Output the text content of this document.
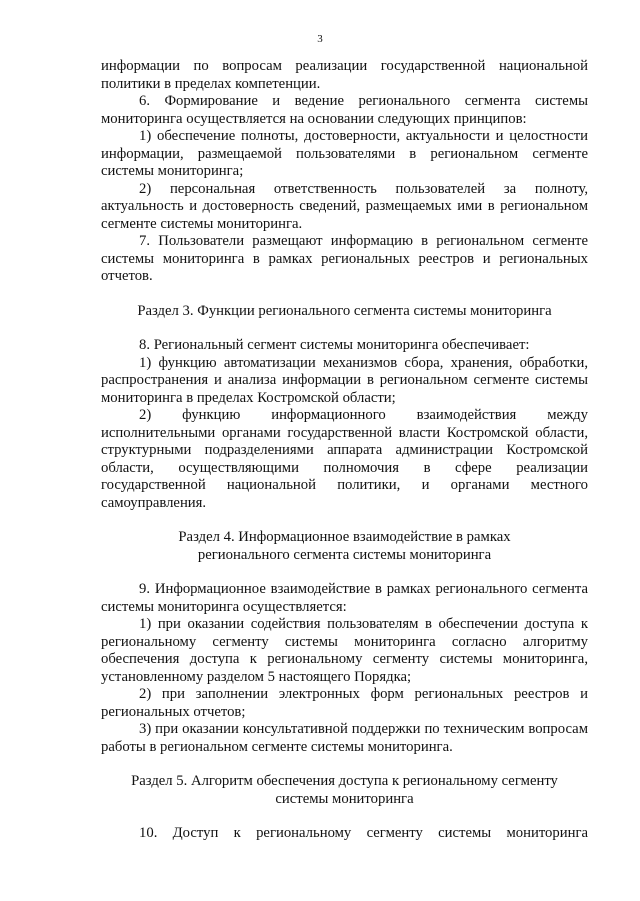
3

информации по вопросам реализации государственной национальной политики в пределах компетенции.

6. Формирование и ведение регионального сегмента системы мониторинга осуществляется на основании следующих принципов:

1) обеспечение полноты, достоверности, актуальности и целостности информации, размещаемой пользователями в региональном сегменте системы мониторинга;

2) персональная ответственность пользователей за полноту, актуальность и достоверность сведений, размещаемых ими в региональном сегменте системы мониторинга.

7. Пользователи размещают информацию в региональном сегменте системы мониторинга в рамках региональных реестров и региональных отчетов.

Раздел 3. Функции регионального сегмента системы мониторинга

8. Региональный сегмент системы мониторинга обеспечивает:

1) функцию автоматизации механизмов сбора, хранения, обработки, распространения и анализа информации в региональном сегменте системы мониторинга в пределах Костромской области;

2) функцию информационного взаимодействия между исполнительными органами государственной власти Костромской области, структурными подразделениями аппарата администрации Костромской области, осуществляющими полномочия в сфере реализации государственной национальной политики, и органами местного самоуправления.

Раздел 4. Информационное взаимодействие в рамках
регионального сегмента системы мониторинга

9. Информационное взаимодействие в рамках регионального сегмента системы мониторинга осуществляется:

1) при оказании содействия пользователям в обеспечении доступа к региональному сегменту системы мониторинга согласно алгоритму обеспечения доступа к региональному сегменту системы мониторинга, установленному разделом 5 настоящего Порядка;

2) при заполнении электронных форм региональных реестров и региональных отчетов;

3) при оказании консультативной поддержки по техническим вопросам работы в региональном сегменте системы мониторинга.

Раздел 5. Алгоритм обеспечения доступа к региональному сегменту
системы мониторинга

10. Доступ к региональному сегменту системы мониторинга
